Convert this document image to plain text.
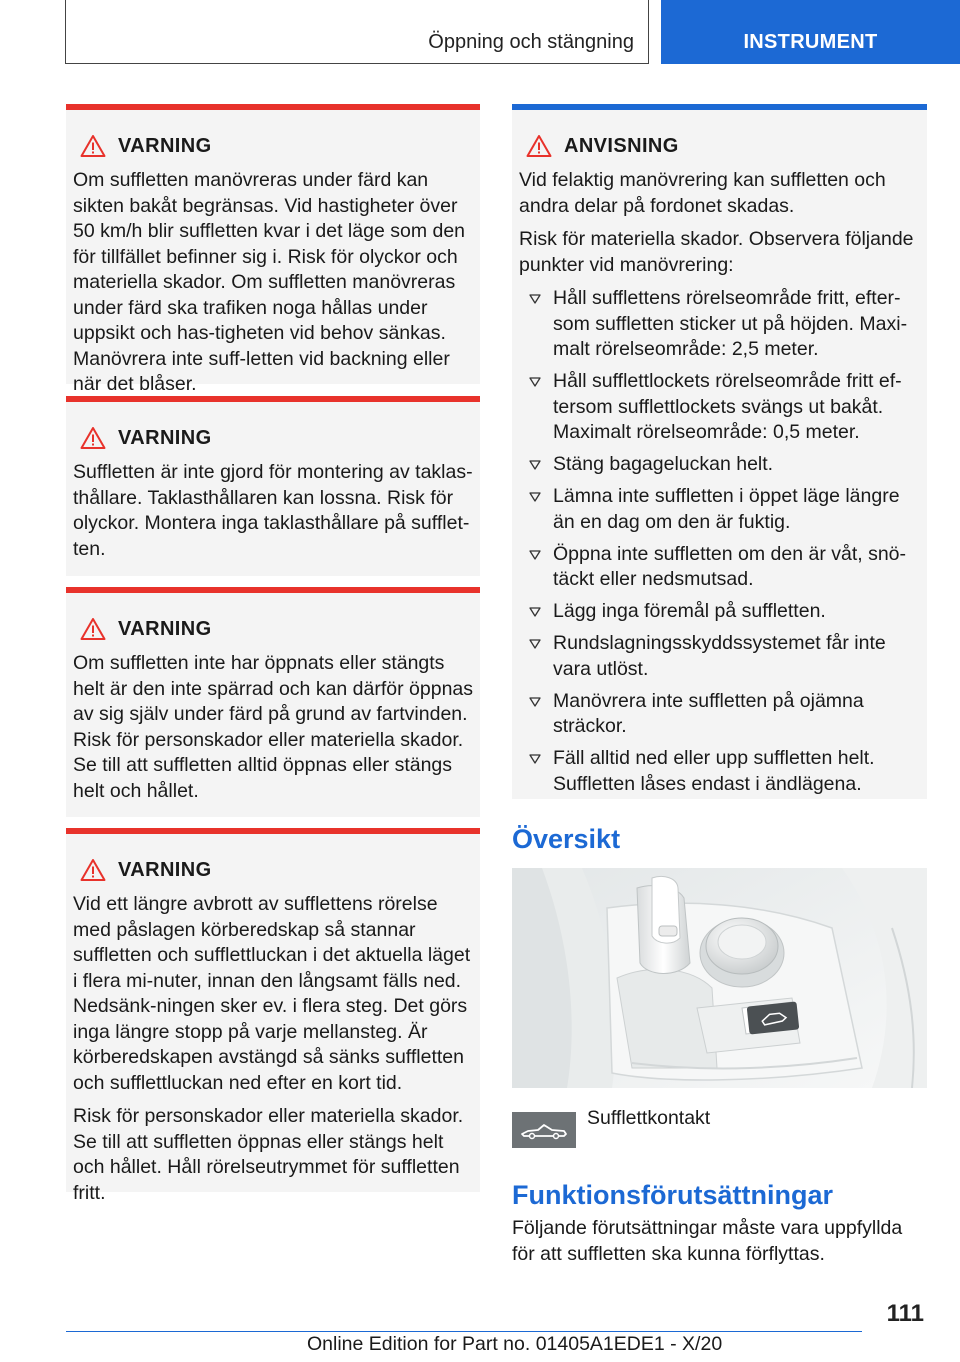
Öppning och stängning	INSTRUMENT
VARNING

Om suffletten manövreras under färd kan sikten bakåt begränsas. Vid hastigheter över 50 km/h blir suffletten kvar i det läge som den för tillfället befinner sig i. Risk för olyckor och materiella skador. Om suffletten manövreras under färd ska trafiken noga hållas under uppsikt och has-tigheten vid behov sänkas. Manövrera inte suff-letten vid backning eller när det blåser.

VARNING

Suffletten är inte gjord för montering av taklas-thållare. Taklasthållaren kan lossna. Risk för olyckor. Montera inga taklasthållare på sufflet-ten.

VARNING

Om suffletten inte har öppnats eller stängts helt är den inte spärrad och kan därför öppnas av sig själv under färd på grund av fartvinden. Risk för personskador eller materiella skador. Se till att suffletten alltid öppnas eller stängs helt och hållet.

VARNING

Vid ett längre avbrott av sufflettens rörelse med påslagen körberedskap så stannar suffletten och sufflettluckan i det aktuella läget i flera mi-nuter, innan den långsamt fälls ned. Nedsänk-ningen sker ev. i flera steg. Det görs inga längre stopp på varje mellansteg. Är körberedskapen avstängd så sänks suffletten och sufflettluckan ned efter en kort tid.

Risk för personskador eller materiella skador. Se till att suffletten öppnas eller stängs helt och hållet. Håll rörelseutrymmet för suffletten fritt.

ANVISNING

Vid felaktig manövrering kan suffletten och andra delar på fordonet skadas.

Risk för materiella skador. Observera följande punkter vid manövrering:

Håll sufflettens rörelseområde fritt, efter-som suffletten sticker ut på höjden. Maxi-malt rörelseområde: 2,5 meter.
Håll sufflettlockets rörelseområde fritt ef-tersom sufflettlockets svängs ut bakåt. Maximalt rörelseområde: 0,5 meter.
Stäng bagageluckan helt.
Lämna inte suffletten i öppet läge längre än en dag om den är fuktig.
Öppna inte suffletten om den är våt, snö-täckt eller nedsmutsad.
Lägg inga föremål på suffletten.
Rundslagningsskyddssystemet får inte vara utlöst.
Manövrera inte suffletten på ojämna sträckor.
Fäll alltid ned eller upp suffletten helt. Suffletten låses endast i ändlägena.
Översikt
Sufflettkontakt
Funktionsförutsättningar

Följande förutsättningar måste vara uppfyllda för att suffletten ska kunna förflyttas.

111
Online Edition for Part no. 01405A1EDE1 - X/20
